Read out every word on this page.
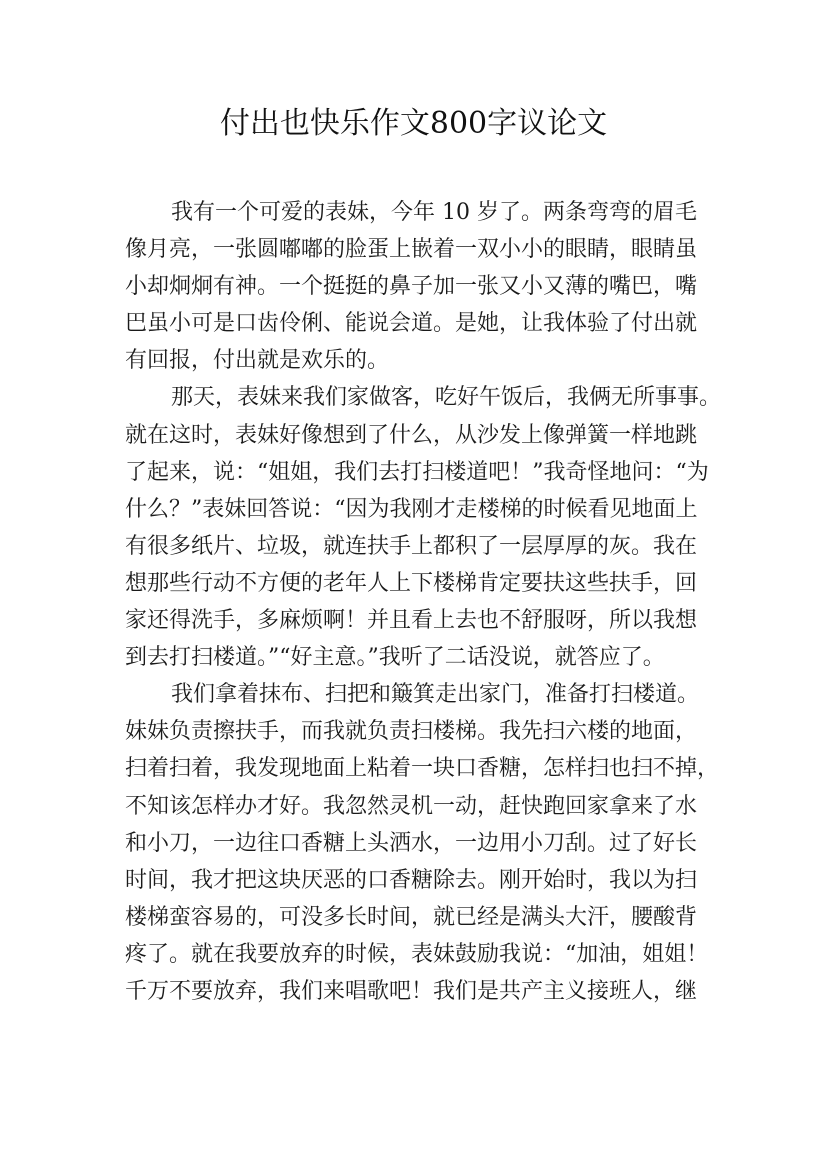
付出也快乐作文800字议论文
我有一个可爱的表妹，今年 10 岁了。两条弯弯的眉毛
像月亮，一张圆嘟嘟的脸蛋上嵌着一双小小的眼睛，眼睛虽
小却炯炯有神。一个挺挺的鼻子加一张又小又薄的嘴巴，嘴
巴虽小可是口齿伶俐、能说会道。是她，让我体验了付出就
有回报，付出就是欢乐的。
那天，表妹来我们家做客，吃好午饭后，我俩无所事事。
就在这时，表妹好像想到了什么，从沙发上像弹簧一样地跳
了起来，说：“姐姐，我们去打扫楼道吧！”我奇怪地问：“为
什么？”表妹回答说：“因为我刚才走楼梯的时候看见地面上
有很多纸片、垃圾，就连扶手上都积了一层厚厚的灰。我在
想那些行动不方便的老年人上下楼梯肯定要扶这些扶手，回
家还得洗手，多麻烦啊！并且看上去也不舒服呀，所以我想
到去打扫楼道。”“好主意。”我听了二话没说，就答应了。
我们拿着抹布、扫把和簸箕走出家门，准备打扫楼道。
妹妹负责擦扶手，而我就负责扫楼梯。我先扫六楼的地面，
扫着扫着，我发现地面上粘着一块口香糖，怎样扫也扫不掉，
不知该怎样办才好。我忽然灵机一动，赶快跑回家拿来了水
和小刀，一边往口香糖上头洒水，一边用小刀刮。过了好长
时间，我才把这块厌恶的口香糖除去。刚开始时，我以为扫
楼梯蛮容易的，可没多长时间，就已经是满头大汗，腰酸背
疼了。就在我要放弃的时候，表妹鼓励我说：“加油，姐姐！
千万不要放弃，我们来唱歌吧！我们是共产主义接班人，继
